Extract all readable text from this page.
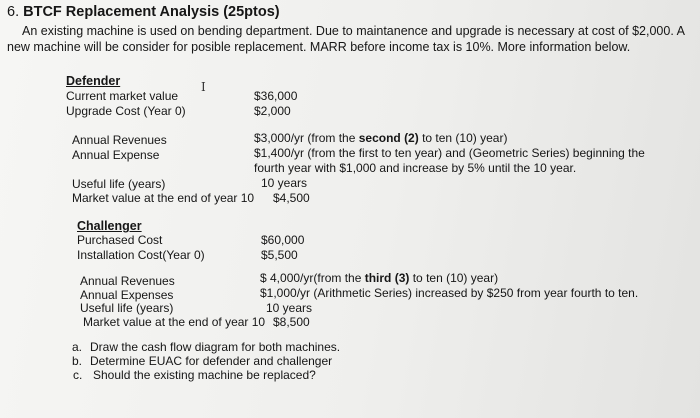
6. BTCF Replacement Analysis (25ptos)
An existing machine is used on bending department. Due to maintanence and upgrade is necessary at cost of $2,000. A
new machine will be consider for posible replacement. MARR before income tax is 10%. More information below.
Defender	I
Current market value	$36,000
Upgrade Cost (Year 0)	$2,000
Annual Revenues	$3,000/yr (from the second (2) to ten (10) year)
Annual Expense	$1,400/yr (from the first to ten year) and (Geometric Series) beginning the
fourth year with $1,000 and increase by 5% until the 10 year.
Useful life (years)	10 years
Market value at the end of year 10 $4,500
Challenger
Purchased Cost	$60,000
Installation Cost(Year 0)	$5,500
Annual Revenues	$ 4,000/yr(from the third (3) to ten (10) year)
Annual Expenses	$1,000/yr (Arithmetic Series) increased by $250 from year fourth to ten.
Useful life (years)	10 years
Market value at the end of year 10 $8,500
a. Draw the cash flow diagram for both machines.
b. Determine EUAC for defender and challenger
c. Should the existing machine be replaced?
